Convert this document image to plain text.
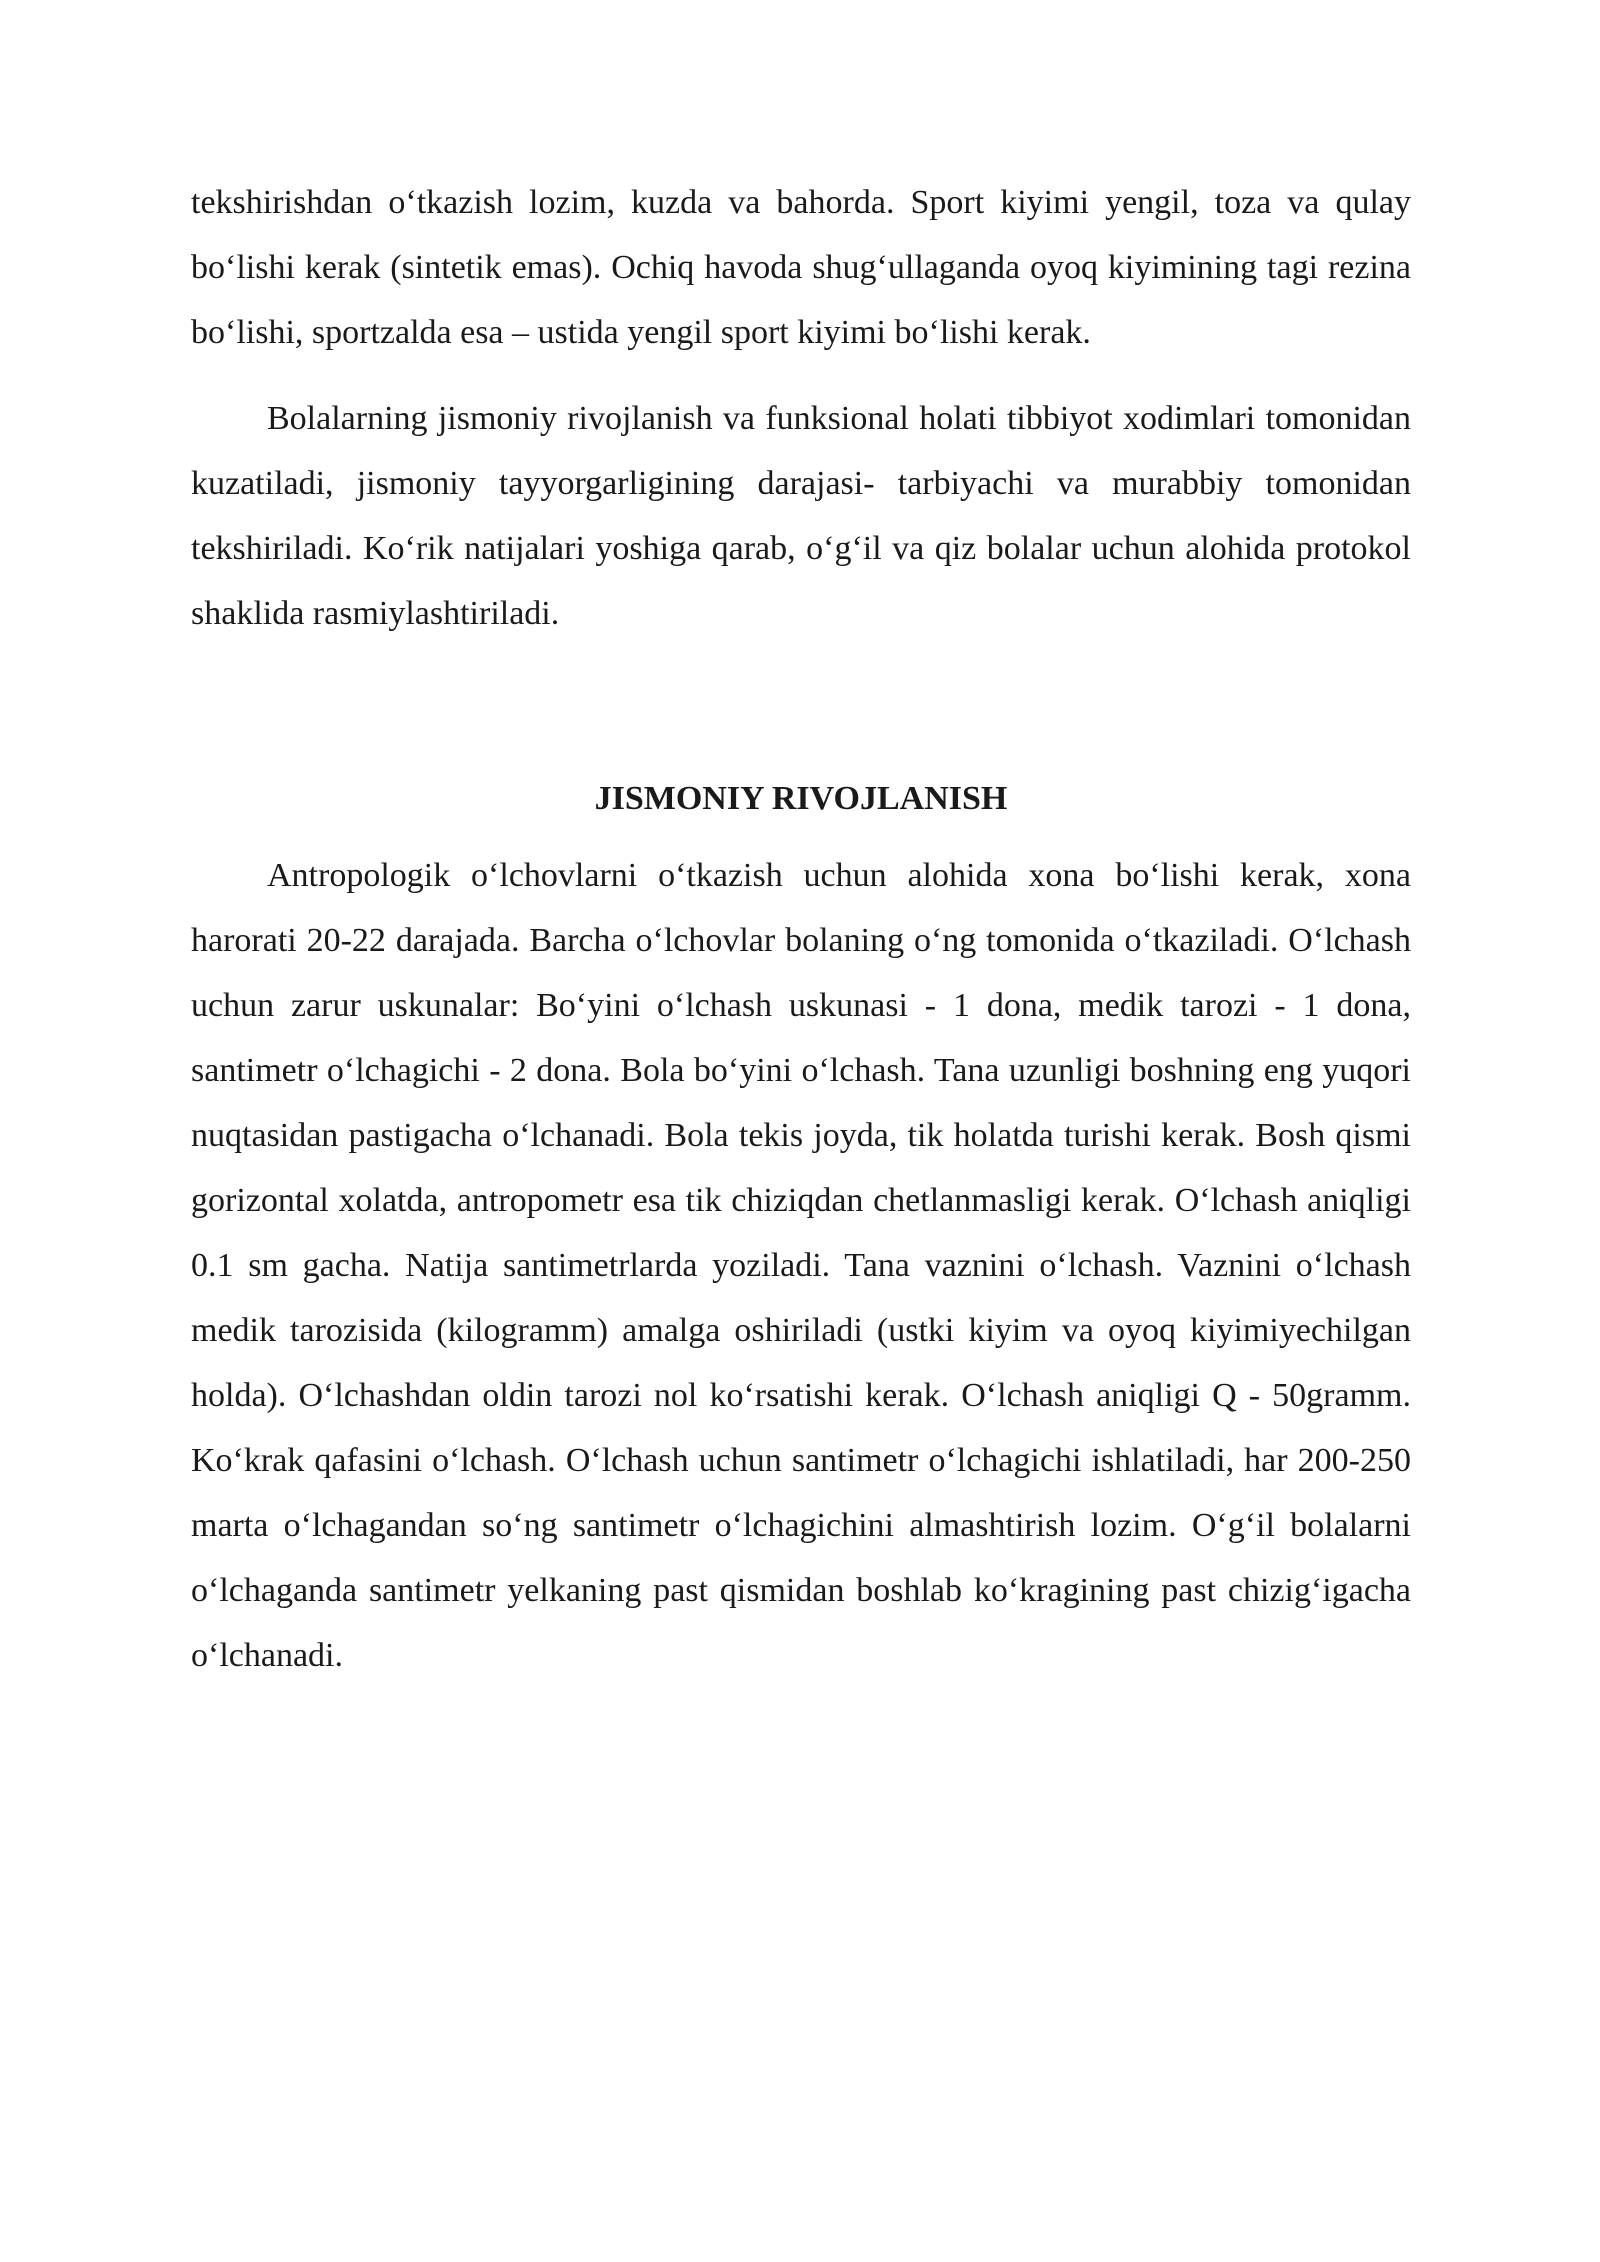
tekshirishdan o‘tkazish lozim, kuzda va bahorda. Sport kiyimi yengil, toza va qulay bo‘lishi kerak (sintetik emas). Ochiq havoda shug‘ullaganda oyoq kiyimining tagi rezina bo‘lishi, sportzalda esa – ustida yengil sport kiyimi bo‘lishi kerak.

Bolalarning jismoniy rivojlanish va funksional holati tibbiyot xodimlari tomonidan kuzatiladi, jismoniy tayyorgarligining darajasi- tarbiyachi va murabbiy tomonidan tekshiriladi. Ko‘rik natijalari yoshiga qarab, o‘g‘il va qiz bolalar uchun alohida protokol shaklida rasmiylashtiriladi.

JISMONIY RIVOJLANISH

Antropologik o‘lchovlarni o‘tkazish uchun alohida xona bo‘lishi kerak, xona harorati 20-22 darajada. Barcha o‘lchovlar bolaning o‘ng tomonida o‘tkaziladi. O‘lchash uchun zarur uskunalar: Bo‘yini o‘lchash uskunasi - 1 dona, medik tarozi - 1 dona, santimetr o‘lchagichi - 2 dona. Bola bo‘yini o‘lchash. Tana uzunligi boshning eng yuqori nuqtasidan pastigacha o‘lchanadi. Bola tekis joyda, tik holatda turishi kerak. Bosh qismi gorizontal xolatda, antropometr esa tik chiziqdan chetlanmasligi kerak. O‘lchash aniqligi 0.1 sm gacha. Natija santimetrlarda yoziladi. Tana vaznini o‘lchash. Vaznini o‘lchash medik tarozisida (kilogramm) amalga oshiriladi (ustki kiyim va oyoq kiyimiyechilgan holda). O‘lchashdan oldin tarozi nol ko‘rsatishi kerak. O‘lchash aniqligi Q - 50gramm. Ko‘krak qafasini o‘lchash. O‘lchash uchun santimetr o‘lchagichi ishlatiladi, har 200-250 marta o‘lchagandan so‘ng santimetr o‘lchagichini almashtirish lozim. O‘g‘il bolalarni o‘lchaganda santimetr yelkaning past qismidan boshlab ko‘kragining past chizig‘igacha o‘lchanadi.
